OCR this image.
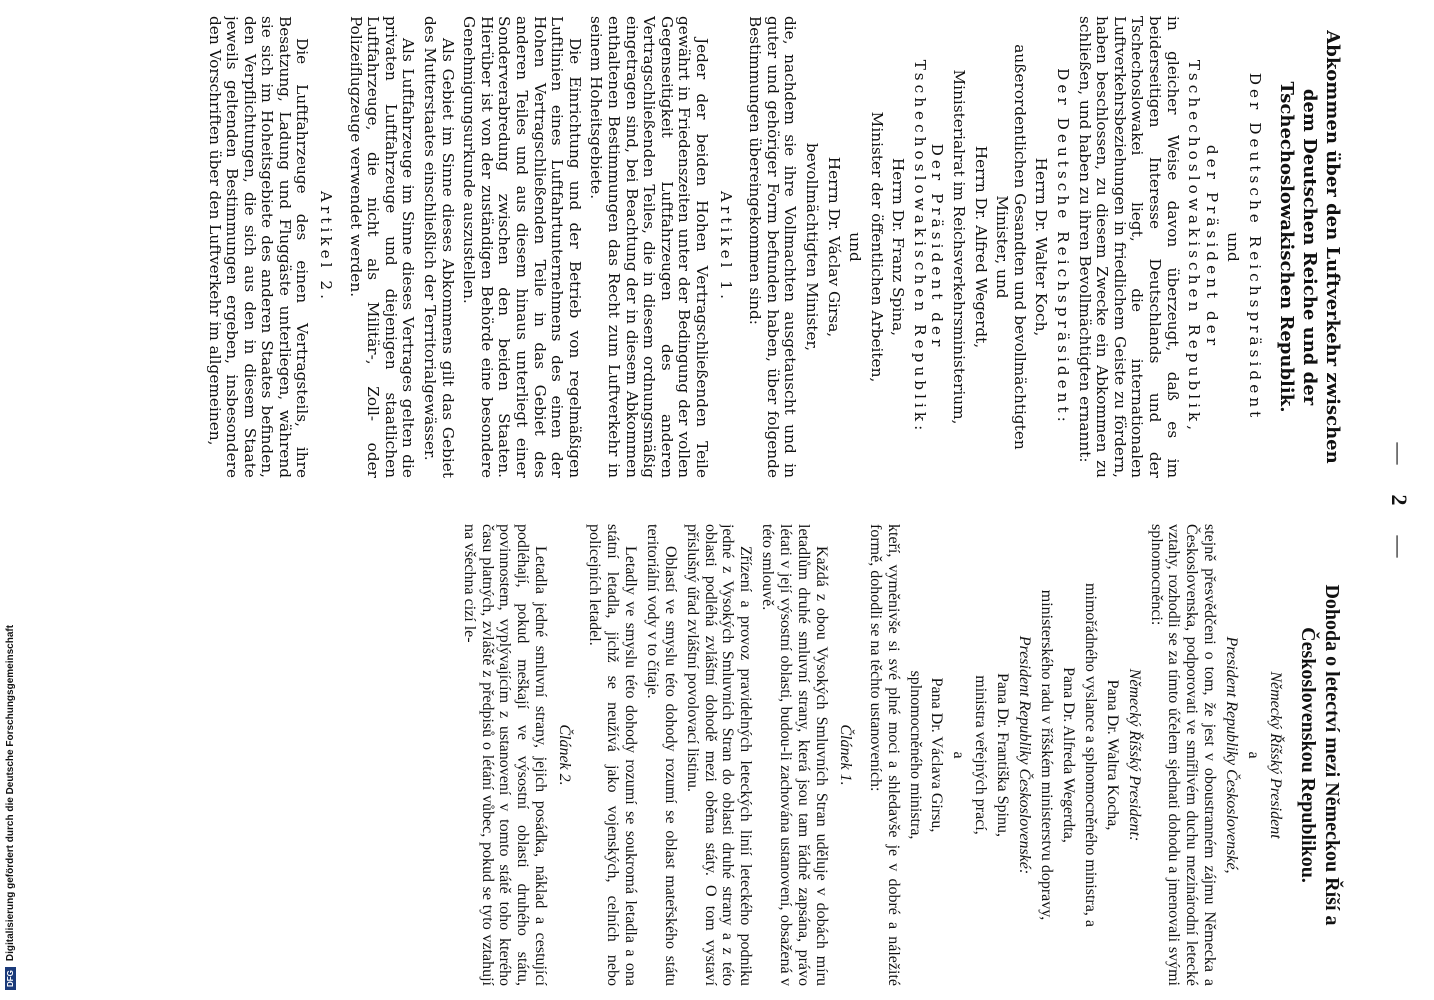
—
2
—
Abkommen über den Luftverkehr zwischen dem Deutschen Reiche und der Tschechoslowakischen Republik.
Der Deutsche Reichspräsident
und
der Präsident der Tschechoslowakischen Republik,
in gleicher Weise davon überzeugt, daß es im beiderseitigen Interesse Deutschlands und der Tschechoslowakei liegt, die internationalen Luftverkehrsbeziehungen in friedlichem Geiste zu fördern, haben beschlossen, zu diesem Zwecke ein Abkommen zu schließen, und haben zu ihren Bevollmächtigten ernannt:
Der Deutsche Reichspräsident:
Herrn Dr. Walter Koch,
außerordentlichen Gesandten und bevollmächtigten Minister, und
Herrn Dr. Alfred Wegerdt,
Ministerialrat im Reichsverkehrsministerium,
Der Präsident der Tschechoslowakischen Republik:
Herrn Dr. Franz Spina,
Minister der öffentlichen Arbeiten,
und
Herrn Dr. Václav Girsa,
bevollmächtigten Minister,
die, nachdem sie ihre Vollmachten ausgetauscht und in guter und gehöriger Form befunden haben, über folgende Bestimmungen übereingekommen sind:
Artikel 1.
Jeder der beiden Hohen Vertragschließenden Teile gewährt in Friedenszeiten unter der Bedingung der vollen Gegenseitigkeit Luftfahrzeugen des anderen Vertragschließenden Teiles, die in diesem ordnungsmäßig eingetragen sind, bei Beachtung der in diesem Abkommen enthaltenen Bestimmungen das Recht zum Luftverkehr in seinem Hoheitsgebiete.
Die Einrichtung und der Betrieb von regelmäßigen Luftlinien eines Luftfahrtunternehmens des einen der Hohen Vertragschließenden Teile in das Gebiet des anderen Teiles und aus diesem hinaus unterliegt einer Sonderverabredung zwischen den beiden Staaten. Hierüber ist von der zuständigen Behörde eine besondere Genehmigungsurkunde auszustellen.
Als Gebiet im Sinne dieses Abkommens gilt das Gebiet des Mutterstaates einschließlich der Territorialgewässer.
Als Luftfahrzeuge im Sinne dieses Vertrages gelten die privaten Luftfahrzeuge und diejenigen staatlichen Luftfahrzeuge, die nicht als Militär-, Zoll- oder Polizeiflugzeuge verwendet werden.
Artikel 2.
Die Luftfahrzeuge des einen Vertragsteils, ihre Besatzung, Ladung und Fluggäste unterliegen, während sie sich im Hoheitsgebiete des anderen Staates befinden, den Verpflichtungen, die sich aus den in diesem Staate jeweils geltenden Bestimmungen ergeben, insbesondere den Vorschriften über den Luftverkehr im allgemeinen,
Dohoda o letectví mezi Německou Říší a Československou Republikou.
Německý Říšský President
a
President Republiky Československé,
stejně přesvědčeni o tom, že jest v oboustranném zájmu Německa a Československa, podporovati ve smířlivém duchu mezinárodní letecké vztahy, rozhodli se za tímto účelem sjednati dohodu a jmenovali svými splnomocněnci:
Německý Říšský President:
Pana Dr. Waltra Kocha,
mimořádného vyslance a splnomocněného ministra, a
Pana Dr. Alfreda Wegerdta,
ministerského radu v říšském ministerstvu dopravy,
President Republiky Československé:
Pana Dr. Františka Spinu,
ministra veřejných prací,
a
Pana Dr. Václava Girsu,
splnomocněného ministra,
kteří, vyměnivše si své plné moci a shledavše je v dobré a náležité formě, dohodli se na těchto ustanoveních:
Článek 1.
Každá z obou Vysokých Smluvních Stran uděluje v dobách míru letadlům druhé smluvní strany, která jsou tam řádně zapsána, právo létati v její výsostní oblasti, budou-li zachována ustanovení, obsažená v této smlouvě.
Zřízení a provoz pravidelných leteckých linií leteckého podniku jedné z Vysokých Smluvních Stran do oblasti druhé strany a z této oblasti podléhá zvláštní dohodě mezi oběma státy. O tom vystaví příslušný úřad zvláštní povolovací listinu.
Oblastí ve smyslu této dohody rozumí se oblast mateřského státu teritoriální vody v to čítaje.
Letadly ve smyslu této dohody rozumí se soukromá letadla a ona státní letadla, jichž se neužívá jako vojenských, celních nebo policejních letadel.
Článek 2.
Letadla jedné smluvní strany, jejich posádka, náklad a cestující podléhají, pokud meškají ve výsostní oblasti druhého státu, povinnostem, vyplývajícím z ustanovení v tomto státě toho kterého času platných, zvláště z předpisů o létání vůbec, pokud se tyto vztahují na všechna cizí le-
DFG
Digitalisierung gefördert durch die Deutsche Forschungsgemeinschaft
